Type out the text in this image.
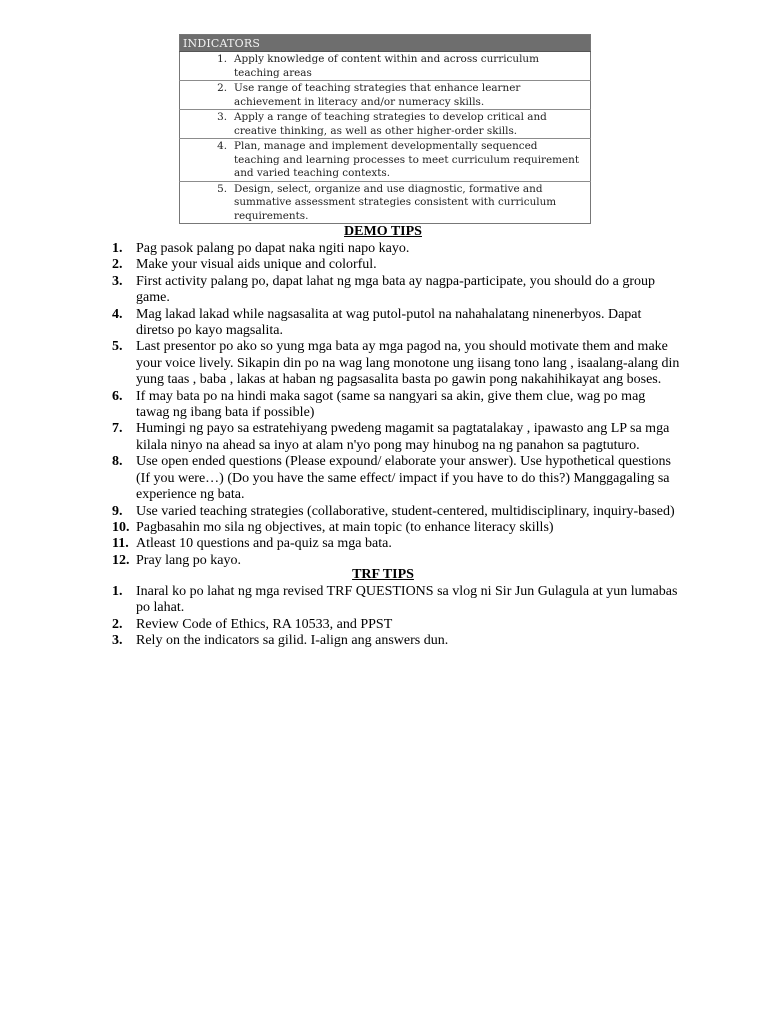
INDICATORS	
1.	Apply knowledge of content within and across curriculum teaching areas
2.	Use range of teaching strategies that enhance learner achievement in literacy and/or numeracy skills.
3.	Apply a range of teaching strategies to develop critical and creative thinking, as well as other higher-order skills.
4.	Plan, manage and implement developmentally sequenced teaching and learning processes to meet curriculum requirement and varied teaching contexts.
5.	Design, select, organize and use diagnostic, formative and summative assessment strategies consistent with curriculum requirements.
DEMO TIPS
1. Pag pasok palang po dapat naka ngiti napo kayo.
2. Make your visual aids unique and colorful.
3. First activity palang po, dapat lahat ng mga bata ay nagpa-participate, you should do a group game.
4. Mag lakad lakad while nagsasalita at wag putol-putol na nahahalatang ninenerbyos. Dapat diretso po kayo magsalita.
5. Last presentor po ako so yung mga bata ay mga pagod na, you should motivate them and make your voice lively. Sikapin din po na wag lang monotone ung iisang tono lang , isaalang-alang din yung taas , baba , lakas at haban ng pagsasalita basta po gawin pong nakahihikayat ang boses.
6. If may bata po na hindi maka sagot (same sa nangyari sa akin, give them clue, wag po mag tawag ng ibang bata if possible)
7. Humingi ng payo sa estratehiyang pwedeng magamit sa pagtatalakay , ipawasto ang LP sa mga kilala ninyo na ahead sa inyo at alam n'yo pong may hinubog na ng panahon sa pagtuturo.
8. Use open ended questions (Please expound/ elaborate your answer). Use hypothetical questions (If you were…) (Do you have the same effect/ impact if you have to do this?) Manggagaling sa experience ng bata.
9. Use varied teaching strategies (collaborative, student-centered, multidisciplinary, inquiry-based)
10. Pagbasahin mo sila ng objectives, at main topic (to enhance literacy skills)
11. Atleast 10 questions and pa-quiz sa mga bata.
12. Pray lang po kayo.
TRF TIPS
1. Inaral ko po lahat ng mga revised TRF QUESTIONS sa vlog ni Sir Jun Gulagula at yun lumabas po lahat.
2. Review Code of Ethics, RA 10533, and PPST
3. Rely on the indicators sa gilid. I-align ang answers dun.
